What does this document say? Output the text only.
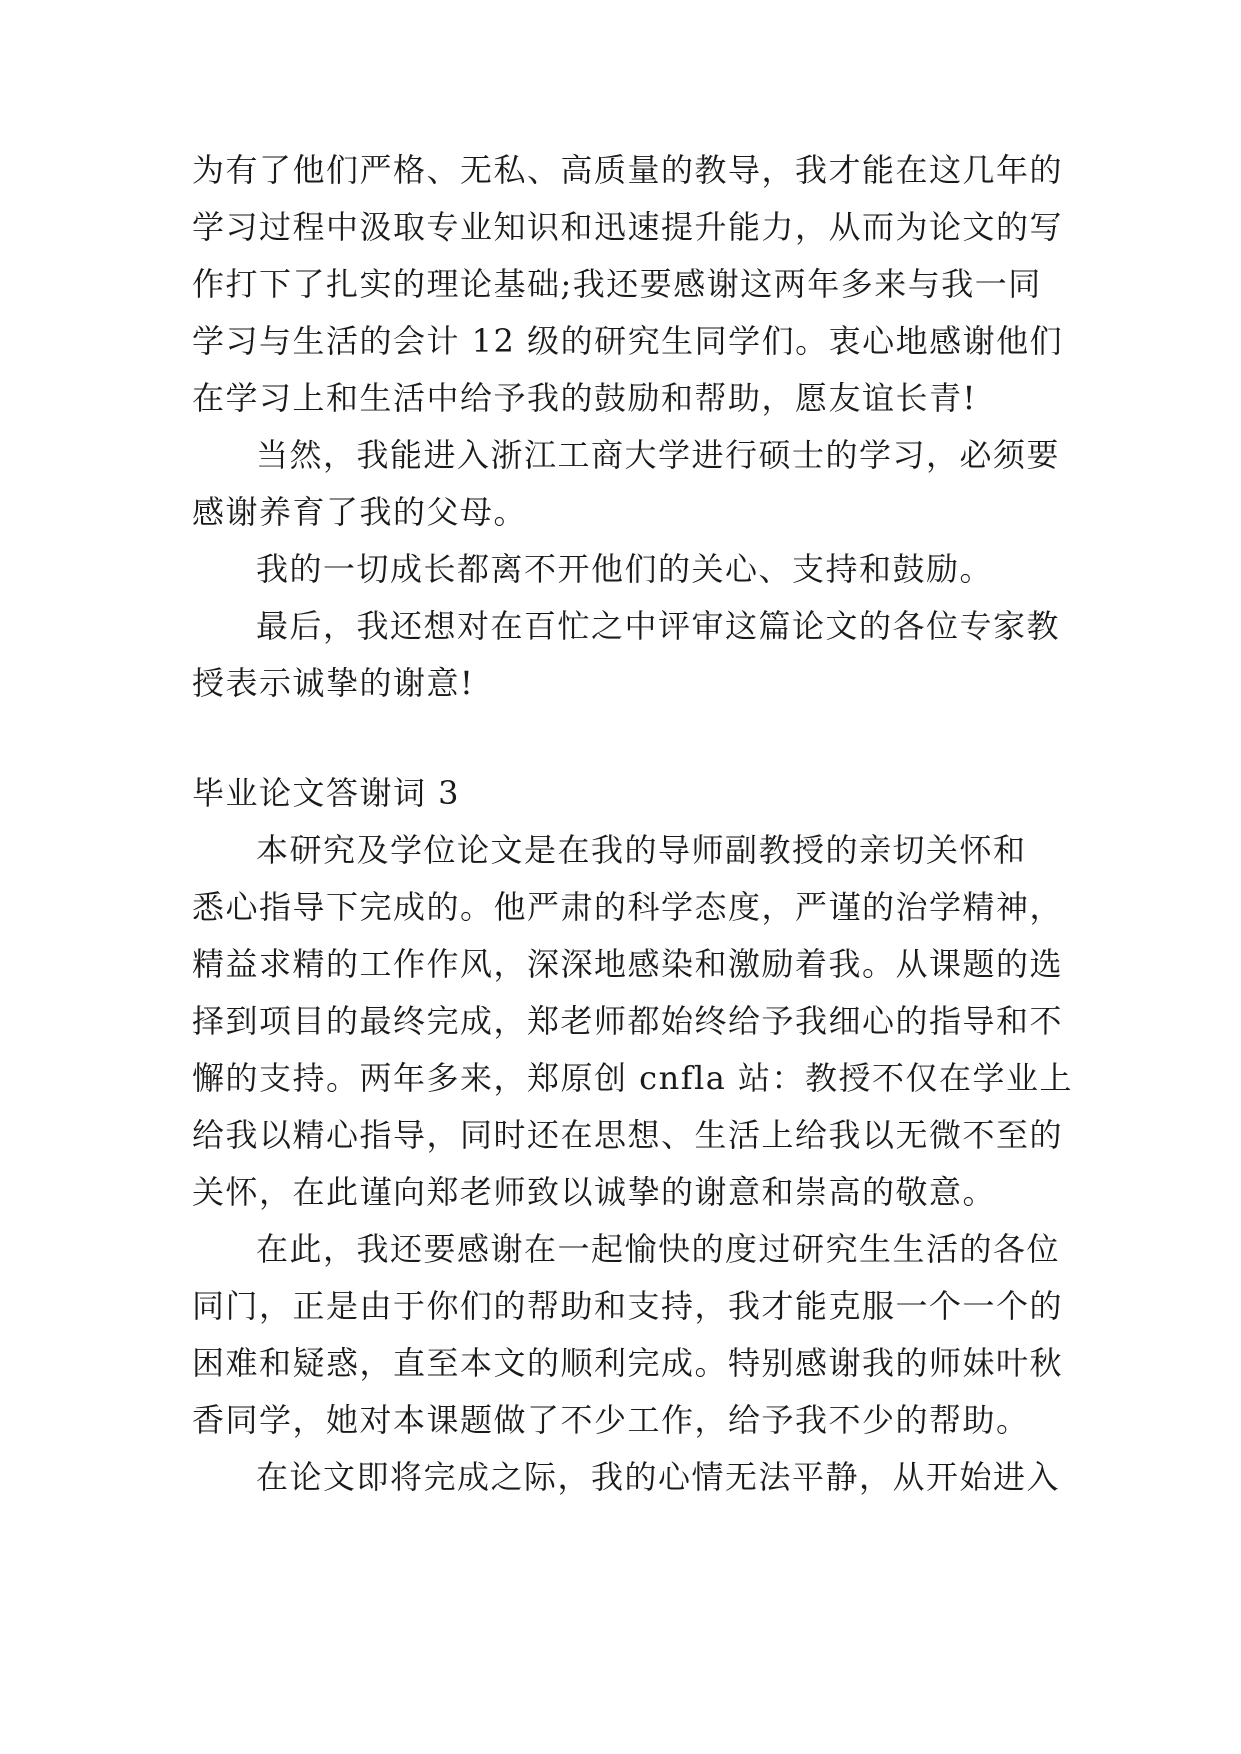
为有了他们严格、无私、高质量的教导，我才能在这几年的
学习过程中汲取专业知识和迅速提升能力，从而为论文的写
作打下了扎实的理论基础;我还要感谢这两年多来与我一同
学习与生活的会计 12 级的研究生同学们。衷心地感谢他们
在学习上和生活中给予我的鼓励和帮助，愿友谊长青!
当然，我能进入浙江工商大学进行硕士的学习，必须要
感谢养育了我的父母。
我的一切成长都离不开他们的关心、支持和鼓励。
最后，我还想对在百忙之中评审这篇论文的各位专家教
授表示诚挚的谢意!
毕业论文答谢词 3
本研究及学位论文是在我的导师副教授的亲切关怀和
悉心指导下完成的。他严肃的科学态度，严谨的治学精神，
精益求精的工作作风，深深地感染和激励着我。从课题的选
择到项目的最终完成，郑老师都始终给予我细心的指导和不
懈的支持。两年多来，郑原创 cnfla 站：教授不仅在学业上
给我以精心指导，同时还在思想、生活上给我以无微不至的
关怀，在此谨向郑老师致以诚挚的谢意和崇高的敬意。
在此，我还要感谢在一起愉快的度过研究生生活的各位
同门，正是由于你们的帮助和支持，我才能克服一个一个的
困难和疑惑，直至本文的顺利完成。特别感谢我的师妹叶秋
香同学，她对本课题做了不少工作，给予我不少的帮助。
在论文即将完成之际，我的心情无法平静，从开始进入
